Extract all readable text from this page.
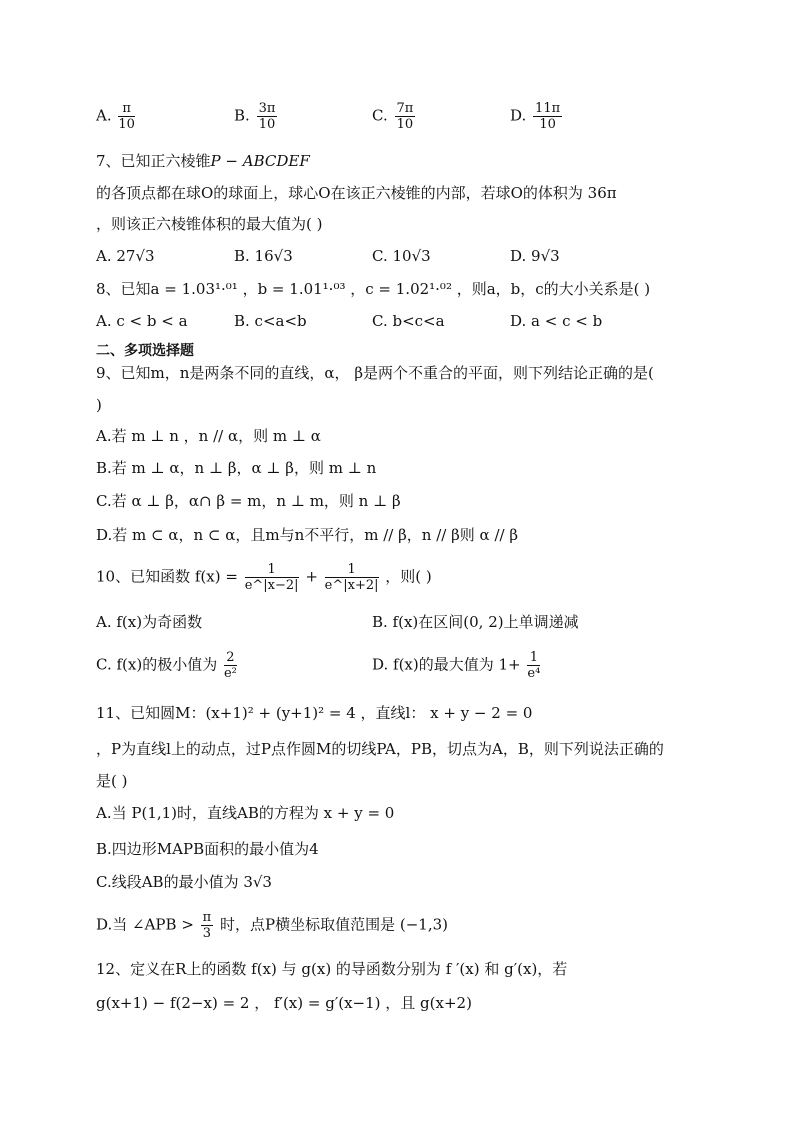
A. $\frac{\pi}{10}$	B. $\frac{3\pi}{10}$	C. $\frac{7\pi}{10}$	D. $\frac{11\pi}{10}$
7、已知正六棱锥P − ABCDEF
的各顶点都在球O的球面上，球心O在该正六棱锥的内部，若球O的体积为 36π
，则该正六棱锥体积的最大值为( )
A. 27√3	B. 16√3	C. 10√3	D. 9√3
8、已知a = 1.03¹·⁰¹ ，b = 1.01¹·⁰³ ，c = 1.02¹·⁰² ，则a，b，c的大小关系是( )
A. c < b < a	B. c<a<b	C. b<c<a	D. a < c < b
二、多项选择题
9、已知m，n是两条不同的直线，α， β是两个不重合的平面，则下列结论正确的是(
)
A.若 m ⊥ n ，n // α，则 m ⊥ α
B.若 m ⊥ α，n ⊥ β，α ⊥ β，则 m ⊥ n
C.若 α ⊥ β，α∩ β = m，n ⊥ m，则 n ⊥ β
D.若 m ⊂ α，n ⊂ α，且m与n不平行，m // β，n // β则 α // β
10、已知函数 $f(x) = \frac{1}{e\^{}|x-2|} + \frac{1}{e\^{}|x+2|}$ ，则( )
A. f(x)为奇函数	B. f(x)在区间(0, 2)上单调递减
C. f(x)的极小值为 $\frac{2}{\text{e²}}$	D. f(x)的最大值为 $1+ \frac{1}{\text{e⁴}}$
11、已知圆M：(x+1)² + (y+1)² = 4 ，直线l： x + y − 2 = 0
，P为直线l上的动点，过P点作圆M的切线PA，PB，切点为A，B，则下列说法正确的
是( )
A.当 P(1,1)时，直线AB的方程为 x + y = 0
B.四边形MAPB面积的最小值为4
C.线段AB的最小值为 3√3
D.当 ∠APB > $\frac{\pi}{3}$ 时，点P横坐标取值范围是 (−1,3)
12、定义在R上的函数 f(x) 与 g(x) 的导函数分别为 f ′(x) 和 g′(x)，若
g(x+1) − f(2−x) = 2 ， f′(x) = g′(x−1) ，且 g(x+2)
